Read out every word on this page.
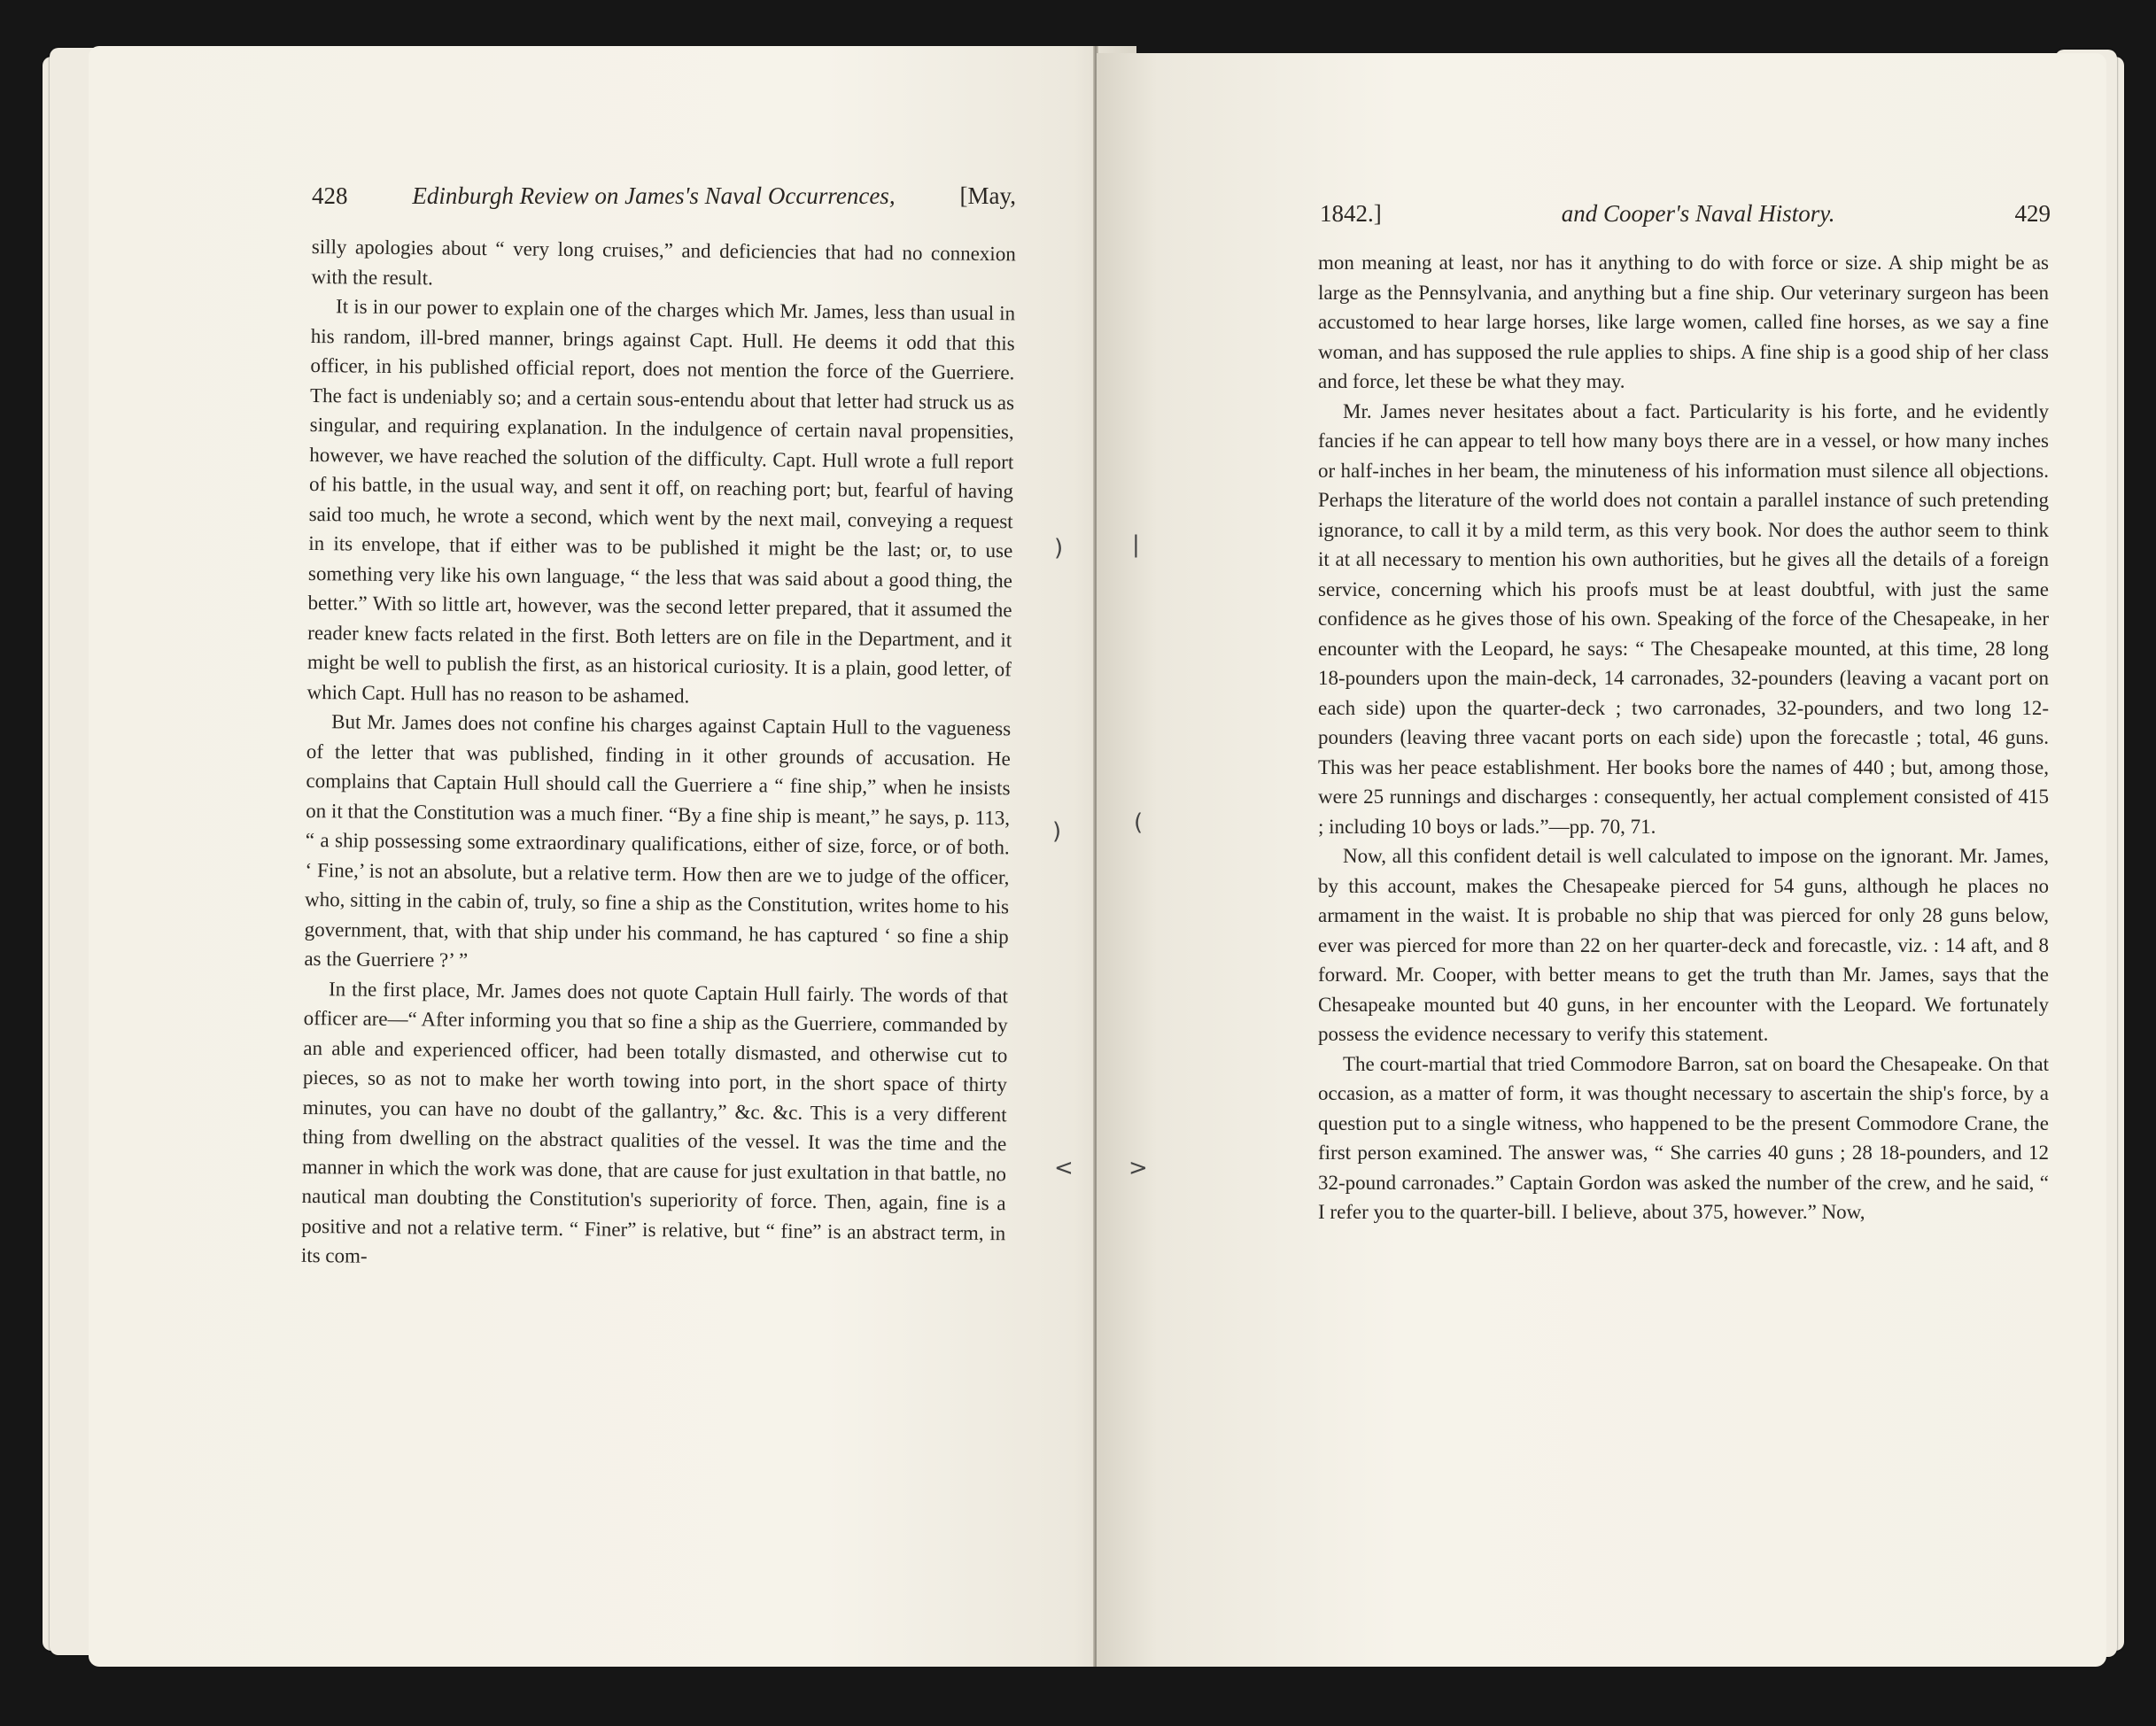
428	Edinburgh Review on James's Naval Occurrences,	[May,

silly apologies about “ very long cruises,” and deficiencies that had no connexion with the result.

It is in our power to explain one of the charges which Mr. James, less than usual in his random, ill-bred manner, brings against Capt. Hull. He deems it odd that this officer, in his published official report, does not mention the force of the Guerriere. The fact is undeniably so; and a certain sous-entendu about that letter had struck us as singular, and requiring explanation. In the indulgence of certain naval propensities, however, we have reached the solution of the difficulty. Capt. Hull wrote a full report of his battle, in the usual way, and sent it off, on reaching port; but, fearful of having said too much, he wrote a second, which went by the next mail, conveying a request in its envelope, that if either was to be published it might be the last; or, to use something very like his own language, “ the less that was said about a good thing, the better.” With so little art, however, was the second letter prepared, that it assumed the reader knew facts related in the first. Both letters are on file in the Department, and it might be well to publish the first, as an historical curiosity. It is a plain, good letter, of which Capt. Hull has no reason to be ashamed.

But Mr. James does not confine his charges against Captain Hull to the vagueness of the letter that was published, finding in it other grounds of accusation. He complains that Captain Hull should call the Guerriere a “ fine ship,” when he insists on it that the Constitution was a much finer. “By a fine ship is meant,” he says, p. 113, “ a ship possessing some extraordinary qualifications, either of size, force, or of both. ‘ Fine,’ is not an absolute, but a relative term. How then are we to judge of the officer, who, sitting in the cabin of, truly, so fine a ship as the Constitution, writes home to his government, that, with that ship under his command, he has captured ‘ so fine a ship as the Guerriere ?’ ”

In the first place, Mr. James does not quote Captain Hull fairly. The words of that officer are—“ After informing you that so fine a ship as the Guerriere, commanded by an able and experienced officer, had been totally dismasted, and otherwise cut to pieces, so as not to make her worth towing into port, in the short space of thirty minutes, you can have no doubt of the gallantry,” &c. &c. This is a very different thing from dwelling on the abstract qualities of the vessel. It was the time and the manner in which the work was done, that are cause for just exultation in that battle, no nautical man doubting the Constitution's superiority of force. Then, again, fine is a positive and not a relative term. “ Finer” is relative, but “ fine” is an abstract term, in its com-

1842.]	and Cooper's Naval History.	429

mon meaning at least, nor has it anything to do with force or size. A ship might be as large as the Pennsylvania, and anything but a fine ship. Our veterinary surgeon has been accustomed to hear large horses, like large women, called fine horses, as we say a fine woman, and has supposed the rule applies to ships. A fine ship is a good ship of her class and force, let these be what they may.

Mr. James never hesitates about a fact. Particularity is his forte, and he evidently fancies if he can appear to tell how many boys there are in a vessel, or how many inches or half-inches in her beam, the minuteness of his information must silence all objections. Perhaps the literature of the world does not contain a parallel instance of such pretending ignorance, to call it by a mild term, as this very book. Nor does the author seem to think it at all necessary to mention his own authorities, but he gives all the details of a foreign service, concerning which his proofs must be at least doubtful, with just the same confidence as he gives those of his own. Speaking of the force of the Chesapeake, in her encounter with the Leopard, he says: “ The Chesapeake mounted, at this time, 28 long 18-pounders upon the main-deck, 14 carronades, 32-pounders (leaving a vacant port on each side) upon the quarter-deck ; two carronades, 32-pounders, and two long 12-pounders (leaving three vacant ports on each side) upon the forecastle ; total, 46 guns. This was her peace establishment. Her books bore the names of 440 ; but, among those, were 25 runnings and discharges : consequently, her actual complement consisted of 415 ; including 10 boys or lads.”—pp. 70, 71.

Now, all this confident detail is well calculated to impose on the ignorant. Mr. James, by this account, makes the Chesapeake pierced for 54 guns, although he places no armament in the waist. It is probable no ship that was pierced for only 28 guns below, ever was pierced for more than 22 on her quarter-deck and forecastle, viz. : 14 aft, and 8 forward. Mr. Cooper, with better means to get the truth than Mr. James, says that the Chesapeake mounted but 40 guns, in her encounter with the Leopard. We fortunately possess the evidence necessary to verify this statement.

The court-martial that tried Commodore Barron, sat on board the Chesapeake. On that occasion, as a matter of form, it was thought necessary to ascertain the ship's force, by a question put to a single witness, who happened to be the present Commodore Crane, the first person examined. The answer was, “ She carries 40 guns ; 28 18-pounders, and 12 32-pound carronades.” Captain Gordon was asked the number of the crew, and he said, “ I refer you to the quarter-bill. I believe, about 375, however.” Now,

)	|
)	(
< >
